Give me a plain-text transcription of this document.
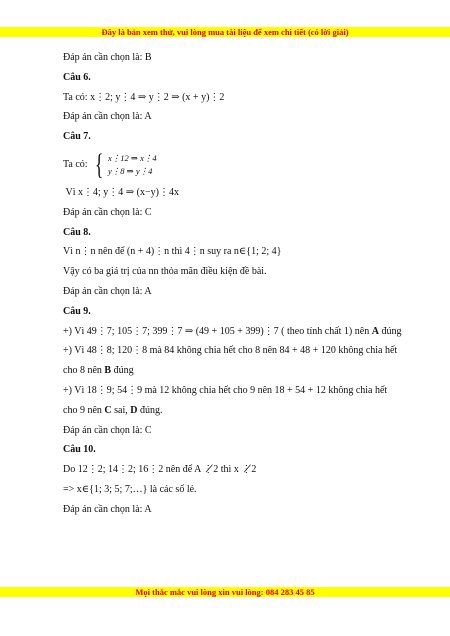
Đây là bản xem thử, vui lòng mua tài liệu để xem chi tiết (có lời giải)

Đáp án cần chọn là: B

Câu 6.

Ta có: x⋮2; y⋮4 ⇒ y⋮2 ⇒ (x + y)⋮2

Đáp án cần chọn là: A

Câu 7.

Ta có: { x⋮12 ⇒ x⋮4
y⋮8 ⇒ y⋮4

Vì x⋮4; y⋮4 ⇒ (x−y)⋮4x

Đáp án cần chọn là: C

Câu 8.

Vì n⋮n nên để (n + 4)⋮n thì 4⋮n suy ra n∈{1; 2; 4}

Vậy có ba giá trị của nn thỏa mãn điều kiện đề bài.

Đáp án cần chọn là: A

Câu 9.

+) Vì 49⋮7; 105⋮7; 399⋮7 ⇒ (49 + 105 + 399)⋮7 ( theo tính chất 1) nên A đúng

+) Vì 48⋮8; 120⋮8 mà 84 không chia hết cho 8 nên 84 + 48 + 120 không chia hết

cho 8 nên B đúng

+) Vì 18⋮9; 54⋮9 mà 12 không chia hết cho 9 nên 18 + 54 + 12 không chia hết

cho 9 nên C sai, D đúng.

Đáp án cần chọn là: C

Câu 10.

Do 12⋮2; 14⋮2; 16⋮2 nên để A ⋮̸2 thì x ⋮̸2

=> x∈{1; 3; 5; 7;…} là các số lẻ.

Đáp án cần chọn là: A

Mọi thắc mắc vui lòng xin vui lòng: 084 283 45 85
